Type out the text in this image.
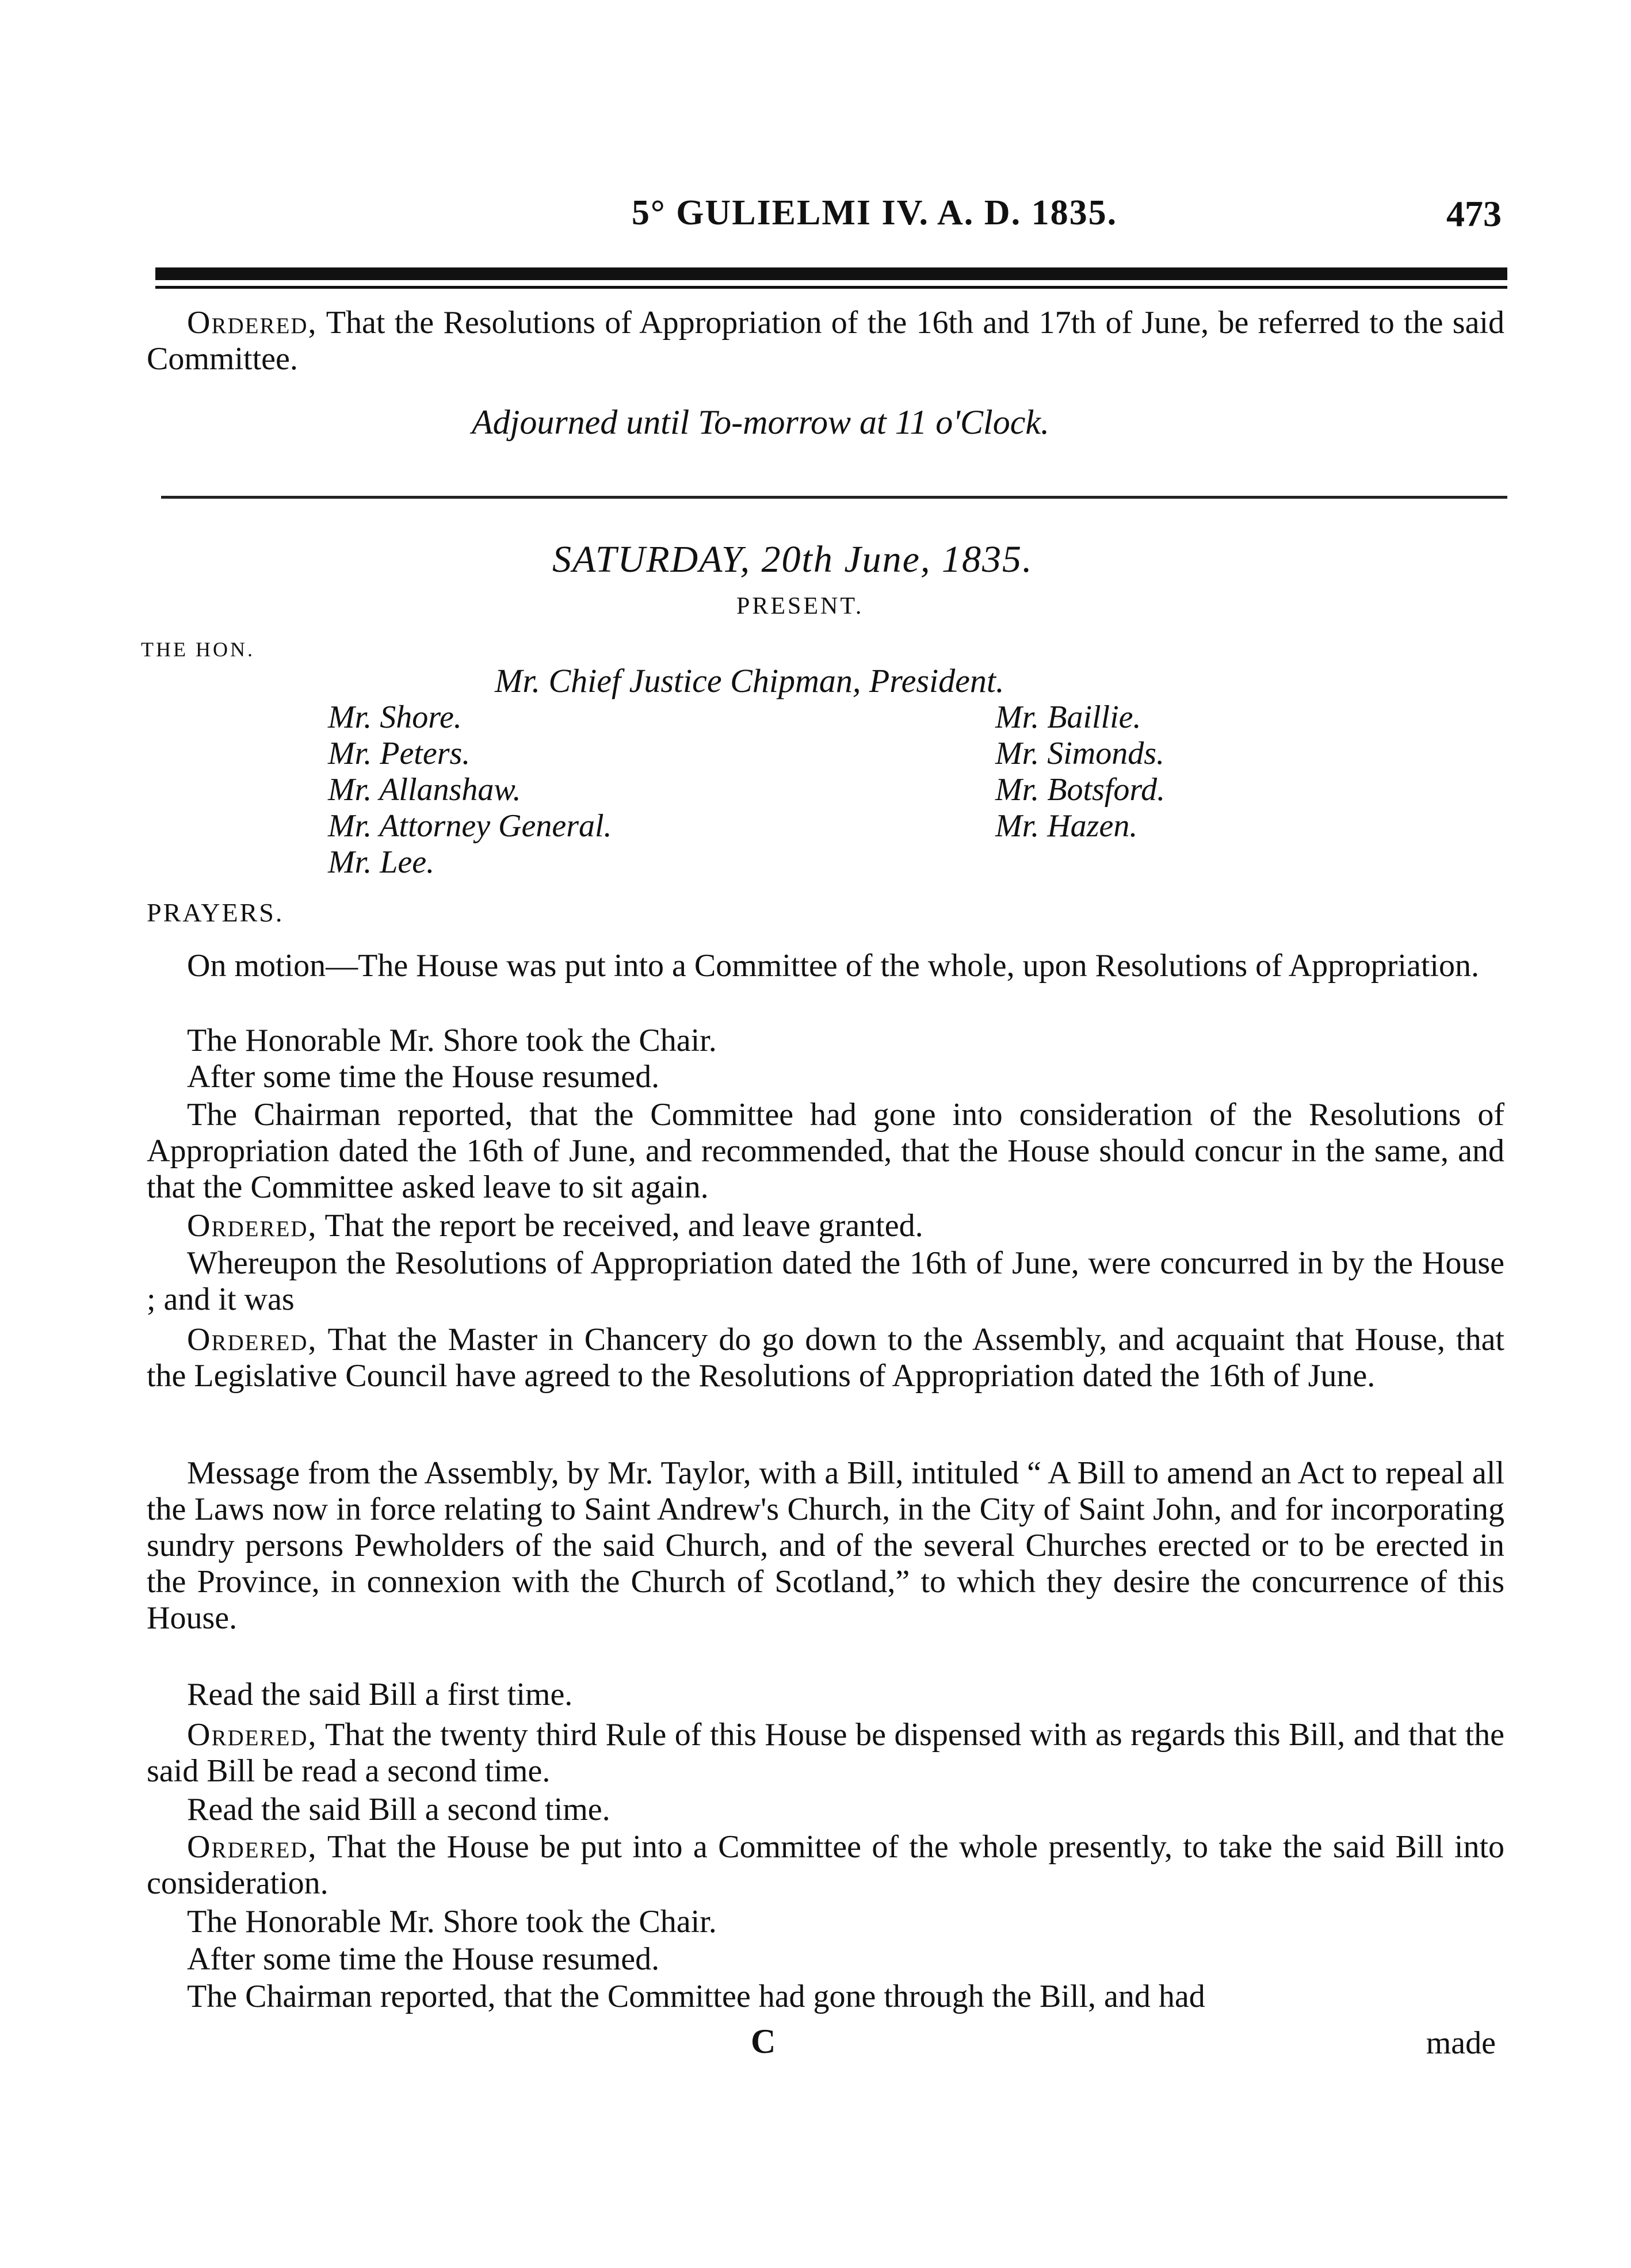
5° GULIELMI IV. A. D. 1835.	473
Ordered, That the Resolutions of Appropriation of the 16th and 17th of June, be referred to the said Committee.
Adjourned until To-morrow at 11 o'Clock.
SATURDAY, 20th June, 1835.
PRESENT.
THE HON.
Mr. Chief Justice Chipman, President.
Mr. Shore.
Mr. Peters.
Mr. Allanshaw.
Mr. Attorney General.
Mr. Lee.
Mr. Baillie.
Mr. Simonds.
Mr. Botsford.
Mr. Hazen.
PRAYERS.
On motion—The House was put into a Committee of the whole, upon Resolutions of Appropriation.
The Honorable Mr. Shore took the Chair.
After some time the House resumed.
The Chairman reported, that the Committee had gone into consideration of the Resolutions of Appropriation dated the 16th of June, and recommended, that the House should concur in the same, and that the Committee asked leave to sit again.
Ordered, That the report be received, and leave granted.
Whereupon the Resolutions of Appropriation dated the 16th of June, were concurred in by the House ; and it was
Ordered, That the Master in Chancery do go down to the Assembly, and acquaint that House, that the Legislative Council have agreed to the Resolutions of Appropriation dated the 16th of June.
Message from the Assembly, by Mr. Taylor, with a Bill, intituled “ A Bill to amend an Act to repeal all the Laws now in force relating to Saint Andrew's Church, in the City of Saint John, and for incorporating sundry persons Pewholders of the said Church, and of the several Churches erected or to be erected in the Province, in connexion with the Church of Scotland,” to which they desire the concurrence of this House.
Read the said Bill a first time.
Ordered, That the twenty third Rule of this House be dispensed with as regards this Bill, and that the said Bill be read a second time.
Read the said Bill a second time.
Ordered, That the House be put into a Committee of the whole presently, to take the said Bill into consideration.
The Honorable Mr. Shore took the Chair.
After some time the House resumed.
The Chairman reported, that the Committee had gone through the Bill, and had
C	made
